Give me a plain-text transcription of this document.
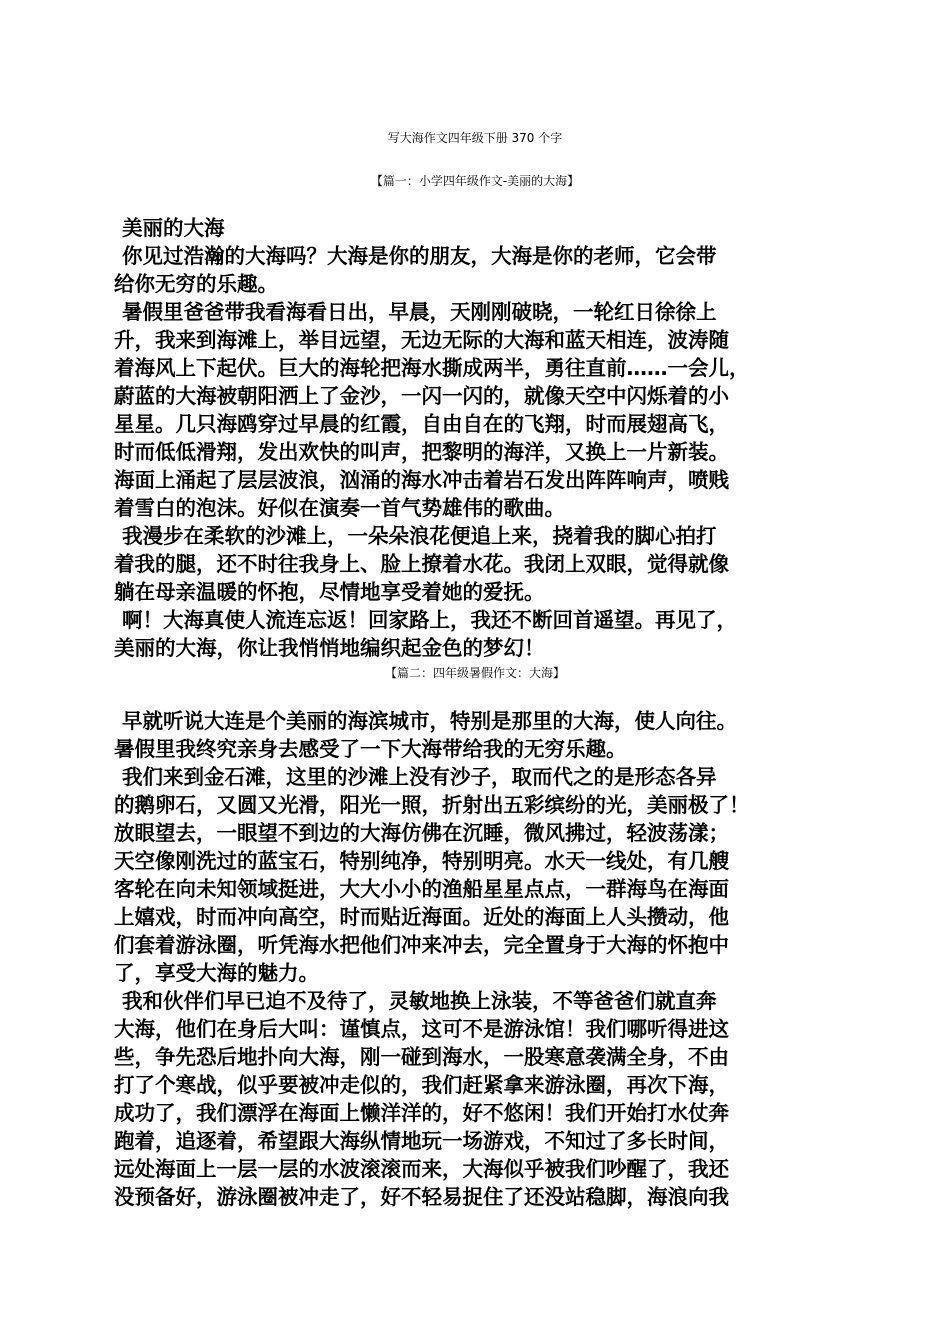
写大海作文四年级下册 370 个字
【篇一：小学四年级作文-美丽的大海】
美丽的大海
你见过浩瀚的大海吗？大海是你的朋友，大海是你的老师，它会带
给你无穷的乐趣。
暑假里爸爸带我看海看日出，早晨，天刚刚破晓，一轮红日徐徐上
升，我来到海滩上，举目远望，无边无际的大海和蓝天相连，波涛随
着海风上下起伏。巨大的海轮把海水撕成两半，勇往直前……一会儿，
蔚蓝的大海被朝阳洒上了金沙，一闪一闪的，就像天空中闪烁着的小
星星。几只海鸥穿过早晨的红霞，自由自在的飞翔，时而展翅高飞，
时而低低滑翔，发出欢快的叫声，把黎明的海洋，又换上一片新装。
海面上涌起了层层波浪，汹涌的海水冲击着岩石发出阵阵响声，喷贱
着雪白的泡沫。好似在演奏一首气势雄伟的歌曲。
我漫步在柔软的沙滩上，一朵朵浪花便追上来，挠着我的脚心拍打
着我的腿，还不时往我身上、脸上撩着水花。我闭上双眼，觉得就像
躺在母亲温暖的怀抱，尽情地享受着她的爱抚。
啊！大海真使人流连忘返！回家路上，我还不断回首遥望。再见了，
美丽的大海，你让我悄悄地编织起金色的梦幻！
【篇二：四年级暑假作文：大海】
早就听说大连是个美丽的海滨城市，特别是那里的大海，使人向往。
暑假里我终究亲身去感受了一下大海带给我的无穷乐趣。
我们来到金石滩，这里的沙滩上没有沙子，取而代之的是形态各异
的鹅卵石，又圆又光滑，阳光一照，折射出五彩缤纷的光，美丽极了！
放眼望去，一眼望不到边的大海仿佛在沉睡，微风拂过，轻波荡漾；
天空像刚洗过的蓝宝石，特别纯净，特别明亮。水天一线处，有几艘
客轮在向未知领域挺进，大大小小的渔船星星点点，一群海鸟在海面
上嬉戏，时而冲向高空，时而贴近海面。近处的海面上人头攒动，他
们套着游泳圈，听凭海水把他们冲来冲去，完全置身于大海的怀抱中
了，享受大海的魅力。
我和伙伴们早已迫不及待了，灵敏地换上泳装，不等爸爸们就直奔
大海，他们在身后大叫：谨慎点，这可不是游泳馆！我们哪听得进这
些，争先恐后地扑向大海，刚一碰到海水，一股寒意袭满全身，不由
打了个寒战，似乎要被冲走似的，我们赶紧拿来游泳圈，再次下海，
成功了，我们漂浮在海面上懒洋洋的，好不悠闲！我们开始打水仗奔
跑着，追逐着，希望跟大海纵情地玩一场游戏，不知过了多长时间，
远处海面上一层一层的水波滚滚而来，大海似乎被我们吵醒了，我还
没预备好，游泳圈被冲走了，好不轻易捉住了还没站稳脚，海浪向我
